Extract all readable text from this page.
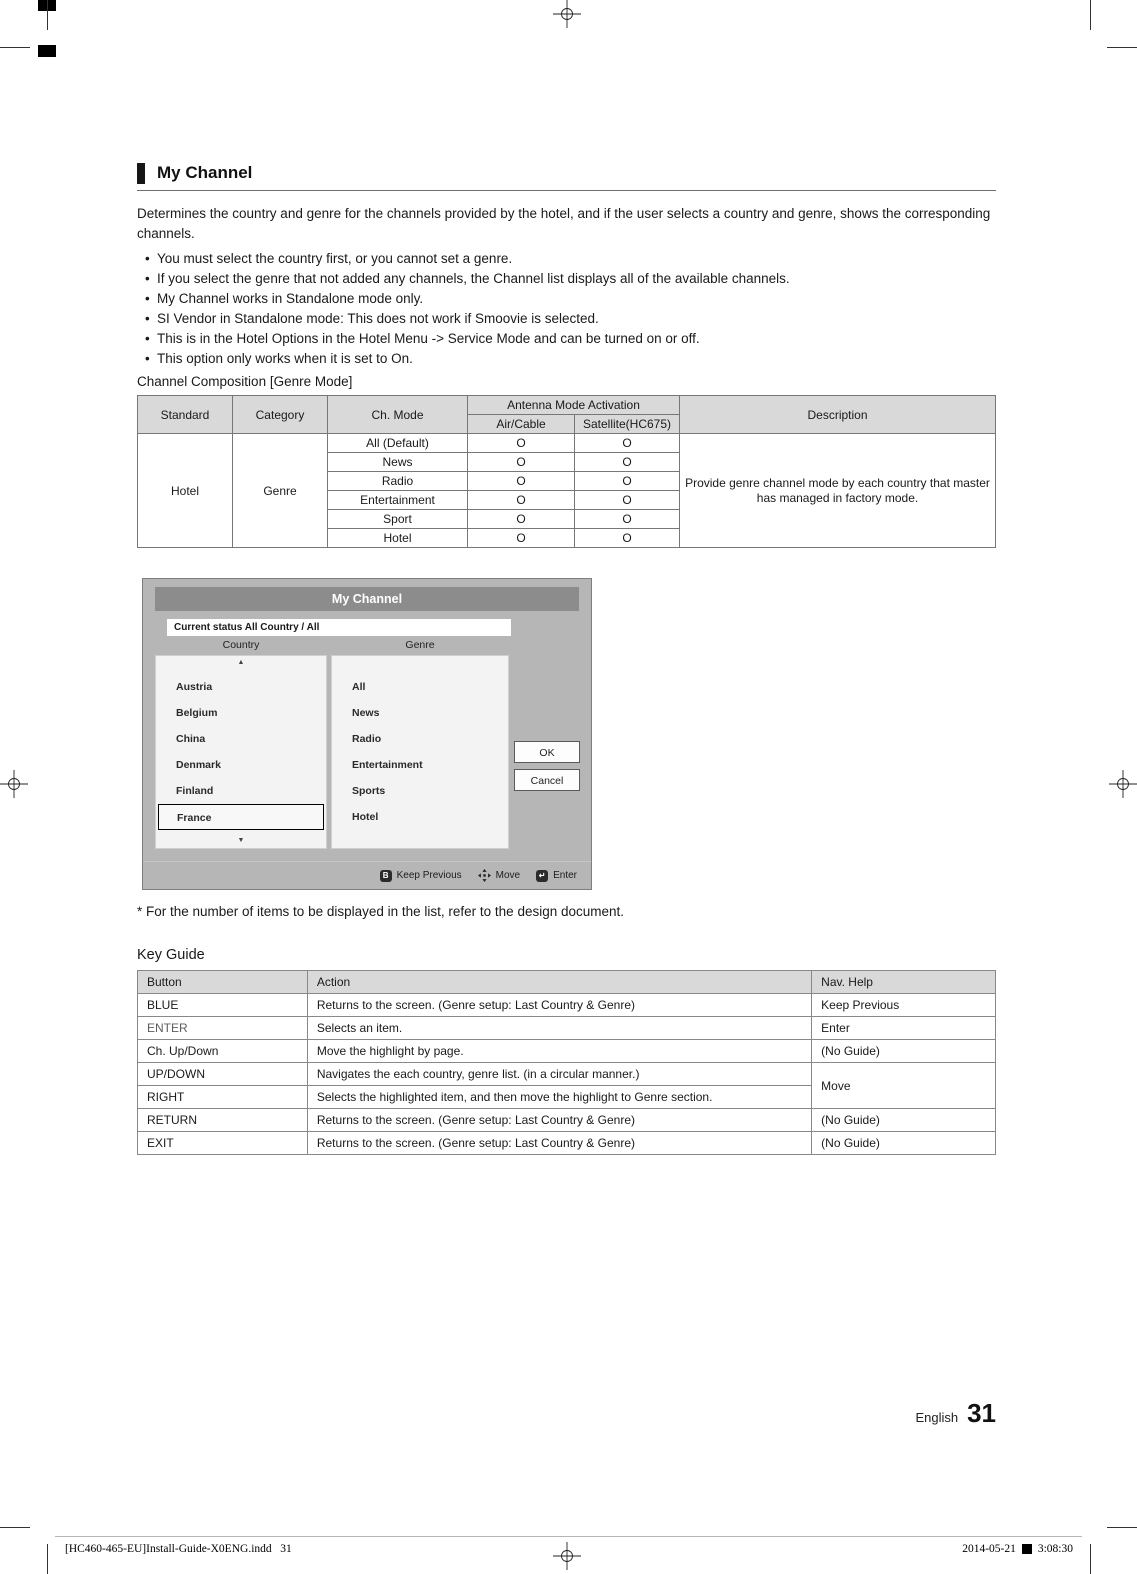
My Channel

Determines the country and genre for the channels provided by the hotel, and if the user selects a country and genre, shows the corresponding channels.

• You must select the country first, or you cannot set a genre.
• If you select the genre that not added any channels, the Channel list displays all of the available channels.
• My Channel works in Standalone mode only.
• SI Vendor in Standalone mode: This does not work if Smoovie is selected.
• This is in the Hotel Options in the Hotel Menu -> Service Mode and can be turned on or off.
• This option only works when it is set to On.

Channel Composition [Genre Mode]

Standard	Category	Ch. Mode	Antenna Mode Activation		Description
			Air/Cable	Satellite(HC675)	
Hotel	Genre	All (Default)	O	O	Provide genre channel mode by each country that master has managed in factory mode.
		News	O	O	
		Radio	O	O	
		Entertainment	O	O	
		Sport	O	O	
		Hotel	O	O	
My Channel
Current status All Country / All
Country	Genre
▲
Austria
Belgium
China
Denmark
Finland
France
▼
All
News
Radio
Entertainment
Sports
Hotel
OK
Cancel
B Keep Previous	Move	↵ Enter

* For the number of items to be displayed in the list, refer to the design document.

Key Guide

Button	Action	Nav. Help
BLUE	Returns to the screen. (Genre setup: Last Country & Genre)	Keep Previous
ENTER	Selects an item.	Enter
Ch. Up/Down	Move the highlight by page.	(No Guide)
UP/DOWN	Navigates the each country, genre list. (in a circular manner.)	Move
RIGHT	Selects the highlighted item, and then move the highlight to Genre section.	
RETURN	Returns to the screen. (Genre setup: Last Country & Genre)	(No Guide)
EXIT	Returns to the screen. (Genre setup: Last Country & Genre)	(No Guide)
English 31
[HC460-465-EU]Install-Guide-X0ENG.indd   31	2014-05-21 3:08:30
